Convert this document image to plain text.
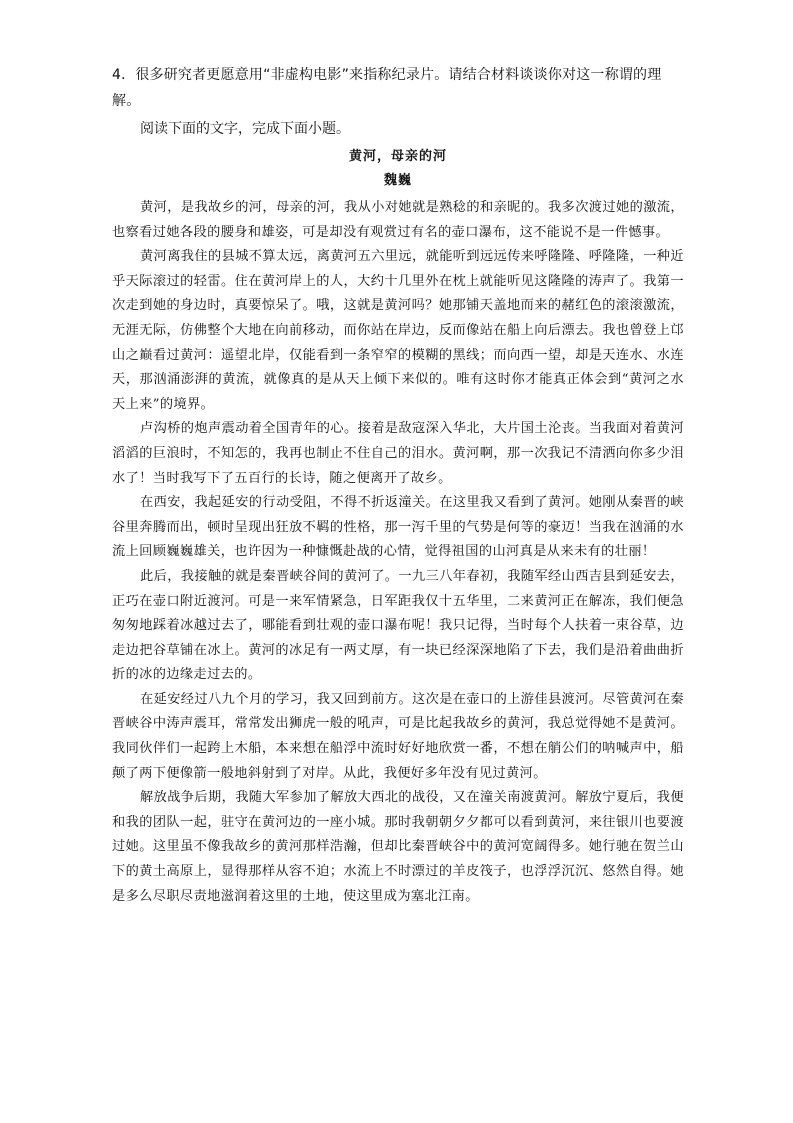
4．很多研究者更愿意用“非虚构电影”来指称纪录片。请结合材料谈谈你对这一称谓的理解。

阅读下面的文字，完成下面小题。

黄河，母亲的河
魏巍

黄河，是我故乡的河，母亲的河，我从小对她就是熟稔的和亲昵的。我多次渡过她的激流，也察看过她各段的腰身和雄姿，可是却没有观赏过有名的壶口瀑布，这不能说不是一件憾事。

黄河离我住的县城不算太远，离黄河五六里远，就能听到远远传来呼隆隆、呼隆隆，一种近乎天际滚过的轻雷。住在黄河岸上的人，大约十几里外在枕上就能听见这隆隆的涛声了。我第一次走到她的身边时，真要惊呆了。哦，这就是黄河吗？她那铺天盖地而来的赭红色的滚滚激流，无涯无际，仿佛整个大地在向前移动，而你站在岸边，反而像站在船上向后漂去。我也曾登上邙山之巅看过黄河：遥望北岸，仅能看到一条窄窄的模糊的黑线；而向西一望，却是天连水、水连天，那汹涌澎湃的黄流，就像真的是从天上倾下来似的。唯有这时你才能真正体会到“黄河之水天上来”的境界。

卢沟桥的炮声震动着全国青年的心。接着是敌寇深入华北，大片国土沦丧。当我面对着黄河滔滔的巨浪时，不知怎的，我再也制止不住自己的泪水。黄河啊，那一次我记不清洒向你多少泪水了！当时我写下了五百行的长诗，随之便离开了故乡。

在西安，我起延安的行动受阻，不得不折返潼关。在这里我又看到了黄河。她刚从秦晋的峡谷里奔腾而出，顿时呈现出狂放不羁的性格，那一泻千里的气势是何等的豪迈！当我在汹涌的水流上回顾巍巍雄关，也许因为一种慷慨赴战的心情，觉得祖国的山河真是从来未有的壮丽！

此后，我接触的就是秦晋峡谷间的黄河了。一九三八年春初，我随军经山西吉县到延安去，正巧在壶口附近渡河。可是一来军情紧急，日军距我仅十五华里，二来黄河正在解冻，我们便急匆匆地踩着冰越过去了，哪能看到壮观的壶口瀑布呢！我只记得，当时每个人扶着一束谷草，边走边把谷草铺在冰上。黄河的冰足有一两丈厚，有一块已经深深地陷了下去，我们是沿着曲曲折折的冰的边缘走过去的。

在延安经过八九个月的学习，我又回到前方。这次是在壶口的上游佳县渡河。尽管黄河在秦晋峡谷中涛声震耳，常常发出狮虎一般的吼声，可是比起我故乡的黄河，我总觉得她不是黄河。我同伙伴们一起跨上木船，本来想在船浮中流时好好地欣赏一番，不想在艄公们的呐喊声中，船颠了两下便像箭一般地斜射到了对岸。从此，我便好多年没有见过黄河。

解放战争后期，我随大军参加了解放大西北的战役，又在潼关南渡黄河。解放宁夏后，我便和我的团队一起，驻守在黄河边的一座小城。那时我朝朝夕夕都可以看到黄河，来往银川也要渡过她。这里虽不像我故乡的黄河那样浩瀚，但却比秦晋峡谷中的黄河宽阔得多。她行驰在贺兰山下的黄土高原上，显得那样从容不迫；水流上不时漂过的羊皮筏子，也浮浮沉沉、悠然自得。她是多么尽职尽责地滋润着这里的土地，使这里成为塞北江南。
